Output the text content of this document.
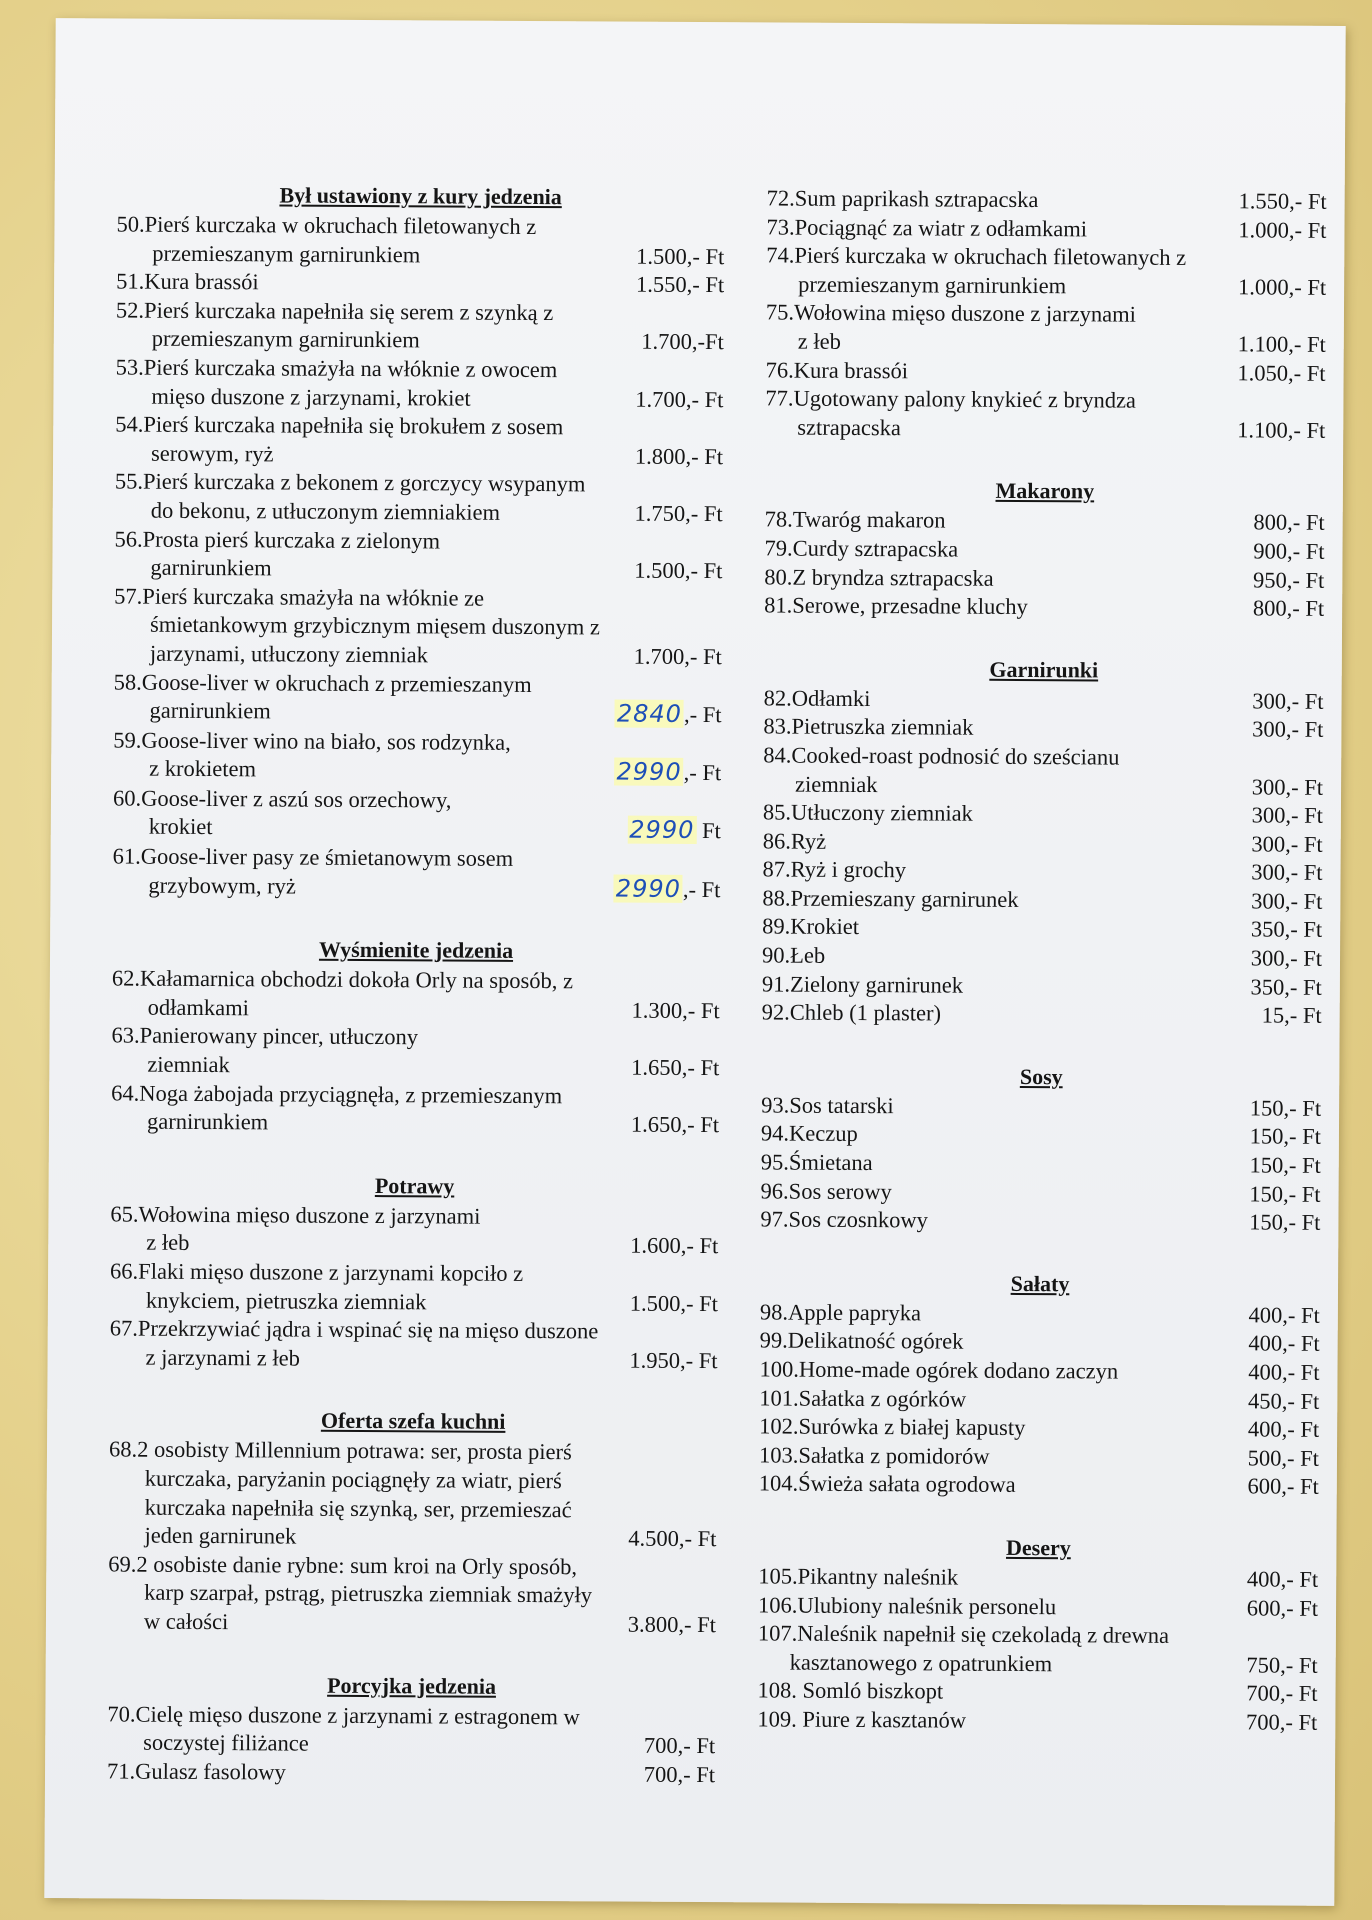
Był ustawiony z kury jedzenia
50.Pierś kurczaka w okruchach filetowanych z
przemieszanym garnirunkiem	1.500,- Ft
51.Kura brassói	1.550,- Ft
52.Pierś kurczaka napełniła się serem z szynką z
przemieszanym garnirunkiem	1.700,-Ft
53.Pierś kurczaka smażyła na włóknie z owocem
mięso duszone z jarzynami, krokiet	1.700,- Ft
54.Pierś kurczaka napełniła się brokułem z sosem
serowym, ryż	1.800,- Ft
55.Pierś kurczaka z bekonem z gorczycy wsypanym
do bekonu, z utłuczonym ziemniakiem	1.750,- Ft
56.Prosta pierś kurczaka z zielonym
garnirunkiem	1.500,- Ft
57.Pierś kurczaka smażyła na włóknie ze
śmietankowym grzybicznym mięsem duszonym z
jarzynami, utłuczony ziemniak	1.700,- Ft
58.Goose-liver w okruchach z przemieszanym
garnirunkiem	2840,- Ft
59.Goose-liver wino na biało, sos rodzynka,
z krokietem	2990,- Ft
60.Goose-liver z aszú sos orzechowy,
krokiet	2990 Ft
61.Goose-liver pasy ze śmietanowym sosem
grzybowym, ryż	2990,- Ft
Wyśmienite jedzenia
62.Kałamarnica obchodzi dokoła Orly na sposób, z
odłamkami	1.300,- Ft
63.Panierowany pincer, utłuczony
ziemniak	1.650,- Ft
64.Noga żabojada przyciągnęła, z przemieszanym
garnirunkiem	1.650,- Ft
Potrawy
65.Wołowina mięso duszone z jarzynami
z łeb	1.600,- Ft
66.Flaki mięso duszone z jarzynami kopciło z
knykciem, pietruszka ziemniak	1.500,- Ft
67.Przekrzywiać jądra i wspinać się na mięso duszone
z jarzynami z łeb	1.950,- Ft
Oferta szefa kuchni
68.2 osobisty Millennium potrawa: ser, prosta pierś
kurczaka, paryżanin pociągnęły za wiatr, pierś
kurczaka napełniła się szynką, ser, przemieszać
jeden garnirunek	4.500,- Ft
69.2 osobiste danie rybne: sum kroi na Orly sposób,
karp szarpał, pstrąg, pietruszka ziemniak smażyły
w całości	3.800,- Ft
Porcyjka jedzenia
70.Cielę mięso duszone z jarzynami z estragonem w
soczystej filiżance	700,- Ft
71.Gulasz fasolowy	700,- Ft
72.Sum paprikash sztrapacska	1.550,- Ft
73.Pociągnąć za wiatr z odłamkami	1.000,- Ft
74.Pierś kurczaka w okruchach filetowanych z
przemieszanym garnirunkiem	1.000,- Ft
75.Wołowina mięso duszone z jarzynami
z łeb	1.100,- Ft
76.Kura brassói	1.050,- Ft
77.Ugotowany palony knykieć z bryndza
sztrapacska	1.100,- Ft
Makarony
78.Twaróg makaron	800,- Ft
79.Curdy sztrapacska	900,- Ft
80.Z bryndza sztrapacska	950,- Ft
81.Serowe, przesadne kluchy	800,- Ft
Garnirunki
82.Odłamki	300,- Ft
83.Pietruszka ziemniak	300,- Ft
84.Cooked-roast podnosić do sześcianu
ziemniak	300,- Ft
85.Utłuczony ziemniak	300,- Ft
86.Ryż	300,- Ft
87.Ryż i grochy	300,- Ft
88.Przemieszany garnirunek	300,- Ft
89.Krokiet	350,- Ft
90.Łeb	300,- Ft
91.Zielony garnirunek	350,- Ft
92.Chleb (1 plaster)	15,- Ft
Sosy
93.Sos tatarski	150,- Ft
94.Keczup	150,- Ft
95.Śmietana	150,- Ft
96.Sos serowy	150,- Ft
97.Sos czosnkowy	150,- Ft
Sałaty
98.Apple papryka	400,- Ft
99.Delikatność ogórek	400,- Ft
100.Home-made ogórek dodano zaczyn	400,- Ft
101.Sałatka z ogórków	450,- Ft
102.Surówka z białej kapusty	400,- Ft
103.Sałatka z pomidorów	500,- Ft
104.Świeża sałata ogrodowa	600,- Ft
Desery
105.Pikantny naleśnik	400,- Ft
106.Ulubiony naleśnik personelu	600,- Ft
107.Naleśnik napełnił się czekoladą z drewna
kasztanowego z opatrunkiem	750,- Ft
108. Somló biszkopt	700,- Ft
109. Piure z kasztanów	700,- Ft
